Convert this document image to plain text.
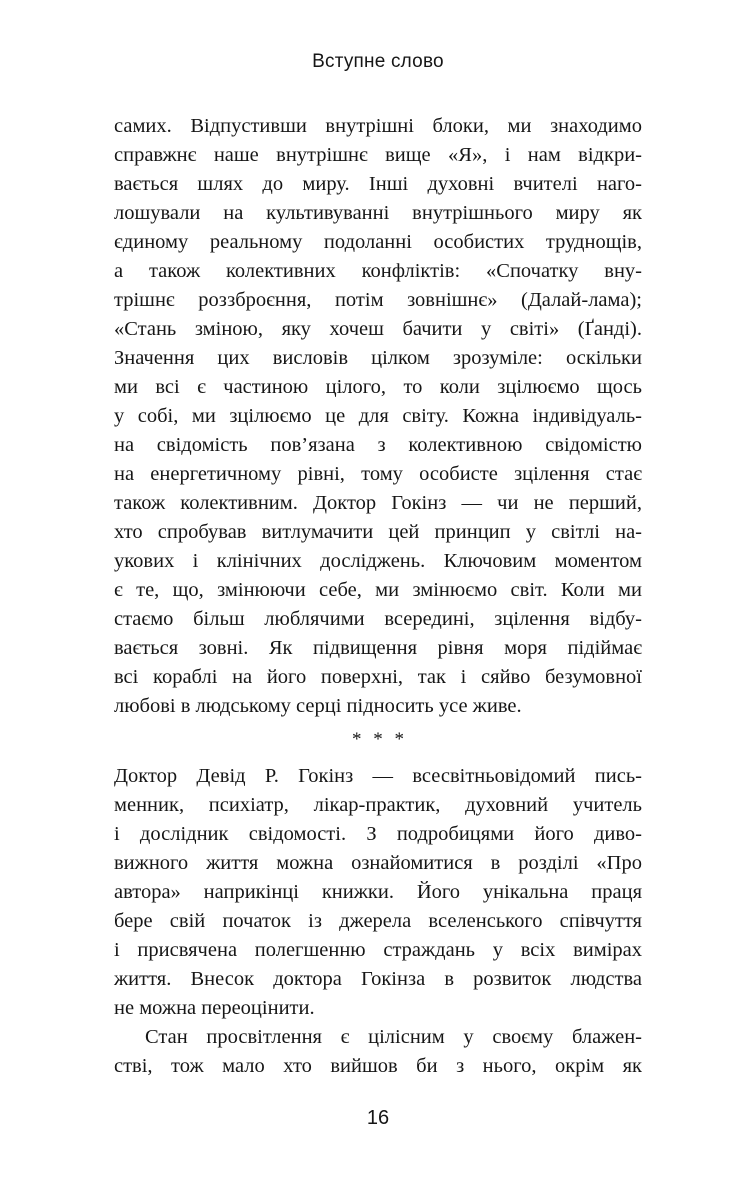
Вступне слово
самих. Відпустивши внутрішні блоки, ми знаходимо
справжнє наше внутрішнє вище «Я», і нам відкри-
вається шлях до миру. Інші духовні вчителі наго-
лошували на культивуванні внутрішнього миру як
єдиному реальному подоланні особистих труднощів,
а також колективних конфліктів: «Спочатку вну-
трішнє роззброєння, потім зовнішнє» (Далай-лама);
«Стань зміною, яку хочеш бачити у світі» (Ґанді).
Значення цих висловів цілком зрозуміле: оскільки
ми всі є частиною цілого, то коли зцілюємо щось
у собі, ми зцілюємо це для світу. Кожна індивідуаль-
на свідомість пов’язана з колективною свідомістю
на енергетичному рівні, тому особисте зцілення стає
також колективним. Доктор Гокінз — чи не перший,
хто спробував витлумачити цей принцип у світлі на-
укових і клінічних досліджень. Ключовим моментом
є те, що, змінюючи себе, ми змінюємо світ. Коли ми
стаємо більш люблячими всередині, зцілення відбу-
вається зовні. Як підвищення рівня моря підіймає
всі кораблі на його поверхні, так і сяйво безумовної
любові в людському серці підносить усе живе.
* * *
Доктор Девід Р. Гокінз — всесвітньовідомий пись-
менник, психіатр, лікар-практик, духовний учитель
і дослідник свідомості. З подробицями його диво-
вижного життя можна ознайомитися в розділі «Про
автора» наприкінці книжки. Його унікальна праця
бере свій початок із джерела вселенського співчуття
і присвячена полегшенню страждань у всіх вимірах
життя. Внесок доктора Гокінза в розвиток людства
не можна переоцінити.
Стан просвітлення є цілісним у своєму блажен-
стві, тож мало хто вийшов би з нього, окрім як
16
